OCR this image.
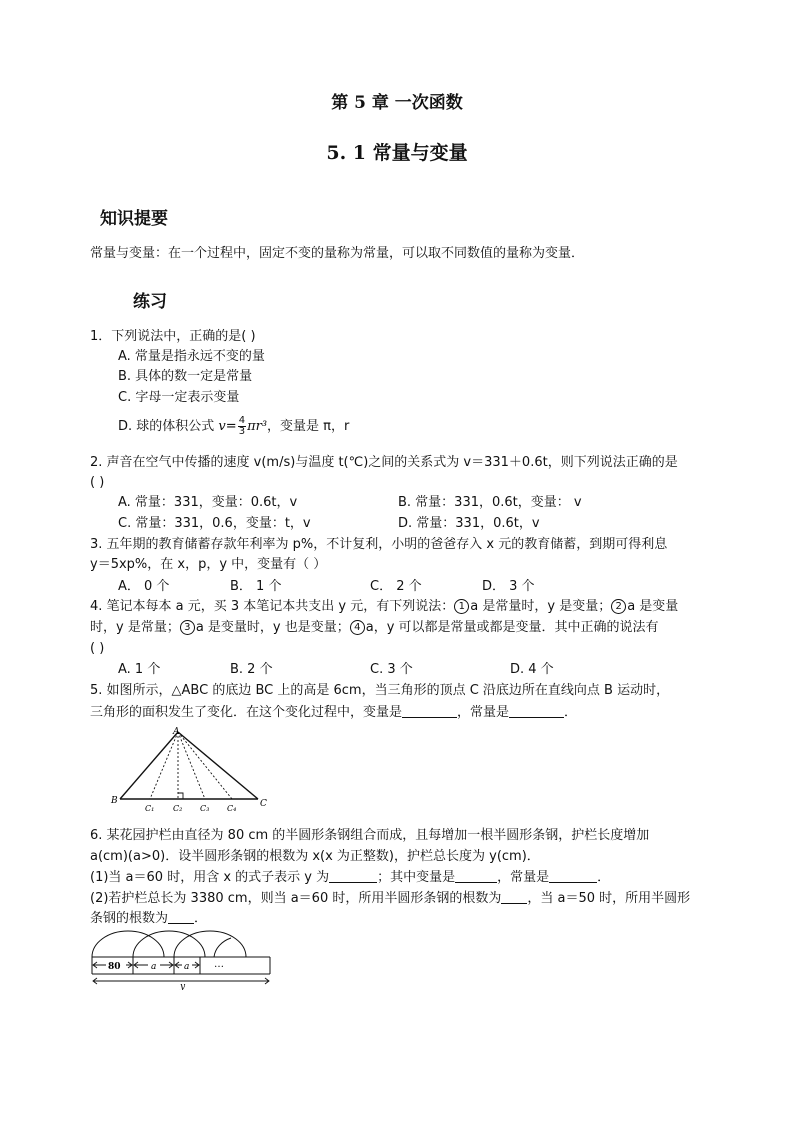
第 5 章 一次函数
5. 1 常量与变量
知识提要
常量与变量：在一个过程中，固定不变的量称为常量，可以取不同数值的量称为变量．
练习
1．下列说法中，正确的是( )
A. 常量是指永远不变的量
B. 具体的数一定是常量
C. 字母一定表示变量
D. 球的体积公式 $v= \frac{4}{3} \pi r^3$，变量是 π，r
2. 声音在空气中传播的速度 v(m/s)与温度 t(℃)之间的关系式为 v＝331＋0.6t，则下列说法正确的是
( )
A. 常量：331，变量：0.6t，v	B. 常量：331，0.6t，变量： v
C. 常量：331，0.6，变量：t，v	D. 常量：331，0.6t，v
3. 五年期的教育储蓄存款年利率为 p%，不计复利，小明的爸爸存入 x 元的教育储蓄，到期可得利息
y＝5xp%，在 x，p，y 中，变量有（ ）
A． 0 个	B． 1 个	C． 2 个	D． 3 个
4. 笔记本每本 a 元，买 3 本笔记本共支出 y 元，有下列说法： 1 a 是常量时，y 是变量； 2 a 是变量
时，y 是常量； 3 a 是变量时，y 也是变量； 4 a，y 可以都是常量或都是变量．其中正确的说法有
( )
A. 1 个	B. 2 个	C. 3 个	D. 4 个
5. 如图所示，△ABC 的底边 BC 上的高是 6cm，当三角形的顶点 C 沿底边所在直线向点 B 运动时，
三角形的面积发生了变化．在这个变化过程中，变量是	，常量是	．
A
B	C
C₁ C₂ C₃ C₄
6. 某花园护栏由直径为 80 cm 的半圆形条钢组合而成，且每增加一根半圆形条钢，护栏长度增加
a(cm)(a>0)．设半圆形条钢的根数为 x(x 为正整数)，护栏总长度为 y(cm)．
(1)当 a＝60 时，用含 x 的式子表示 y 为	；其中变量是	，常量是	．
(2)若护栏总长为 3380 cm，则当 a＝60 时，所用半圆形条钢的根数为 ，当 a＝50 时，所用半圆形
条钢的根数为 ．
80	a	a …
y
